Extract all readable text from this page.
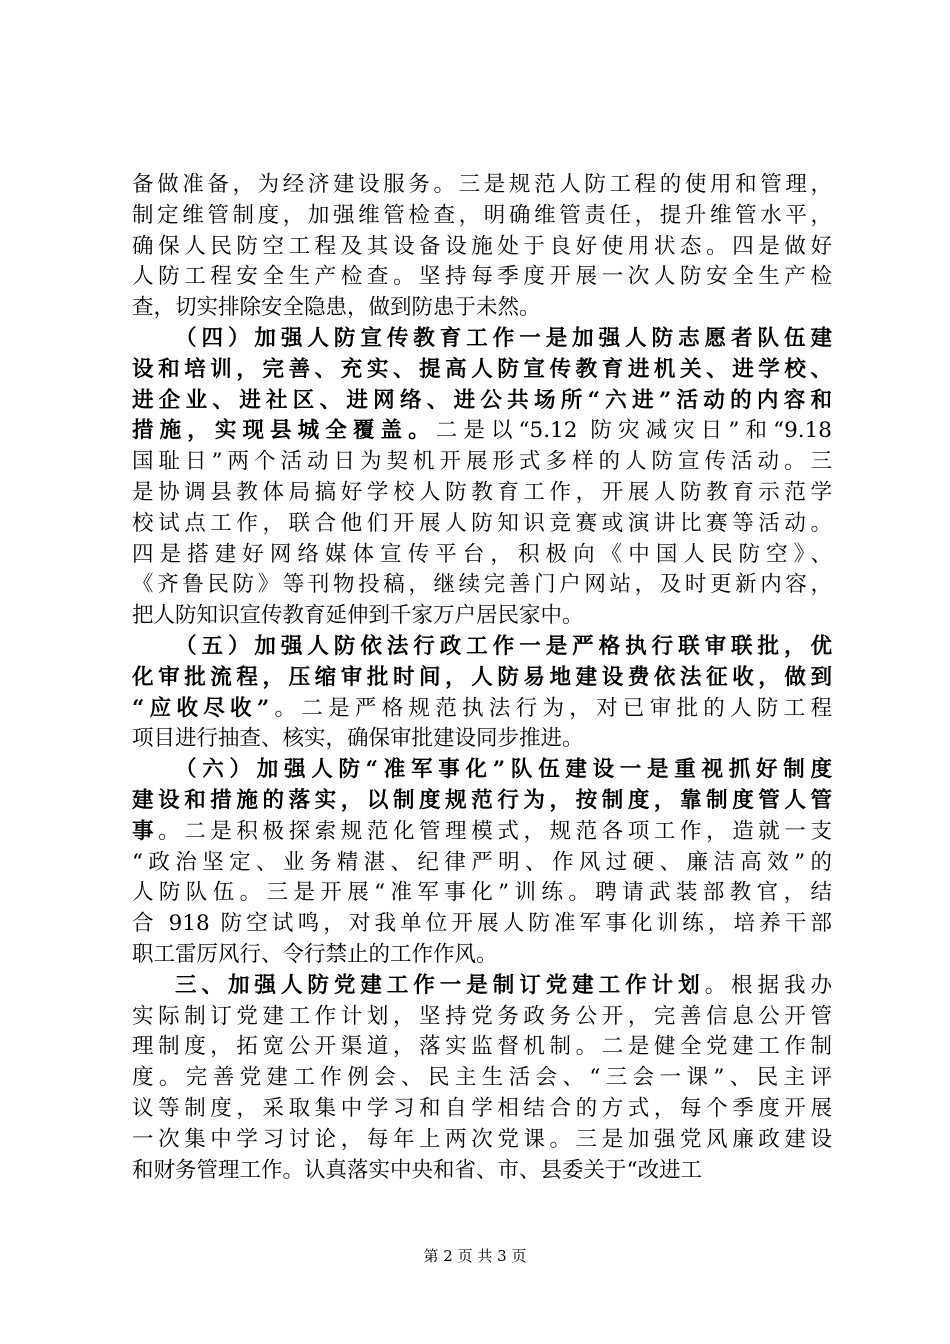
备做准备，为经济建设服务。三是规范人防工程的使用和管理，
制定维管制度，加强维管检查，明确维管责任，提升维管水平，
确保人民防空工程及其设备设施处于良好使用状态。四是做好
人防工程安全生产检查。坚持每季度开展一次人防安全生产检
查，切实排除安全隐患，做到防患于未然。
（四）加强人防宣传教育工作一是加强人防志愿者队伍建
设和培训，完善、充实、提高人防宣传教育进机关、进学校、
进企业、进社区、进网络、进公共场所“六进”活动的内容和
措施，实现县城全覆盖。二是以“5.12 防灾减灾日”和“9.18
国耻日”两个活动日为契机开展形式多样的人防宣传活动。三
是协调县教体局搞好学校人防教育工作，开展人防教育示范学
校试点工作，联合他们开展人防知识竞赛或演讲比赛等活动。
四是搭建好网络媒体宣传平台，积极向《中国人民防空》、
《齐鲁民防》等刊物投稿，继续完善门户网站，及时更新内容，
把人防知识宣传教育延伸到千家万户居民家中。
（五）加强人防依法行政工作一是严格执行联审联批，优
化审批流程，压缩审批时间，人防易地建设费依法征收，做到
“应收尽收”。二是严格规范执法行为，对已审批的人防工程
项目进行抽查、核实，确保审批建设同步推进。
（六）加强人防“准军事化”队伍建设一是重视抓好制度
建设和措施的落实，以制度规范行为，按制度，靠制度管人管
事。二是积极探索规范化管理模式，规范各项工作，造就一支
“政治坚定、业务精湛、纪律严明、作风过硬、廉洁高效”的
人防队伍。三是开展“准军事化”训练。聘请武装部教官，结
合 918 防空试鸣，对我单位开展人防准军事化训练，培养干部
职工雷厉风行、令行禁止的工作作风。
三、加强人防党建工作一是制订党建工作计划。根据我办
实际制订党建工作计划，坚持党务政务公开，完善信息公开管
理制度，拓宽公开渠道，落实监督机制。二是健全党建工作制
度。完善党建工作例会、民主生活会、“三会一课”、民主评
议等制度，采取集中学习和自学相结合的方式，每个季度开展
一次集中学习讨论，每年上两次党课。三是加强党风廉政建设
和财务管理工作。认真落实中央和省、市、县委关于“改进工
第 2 页 共 3 页
